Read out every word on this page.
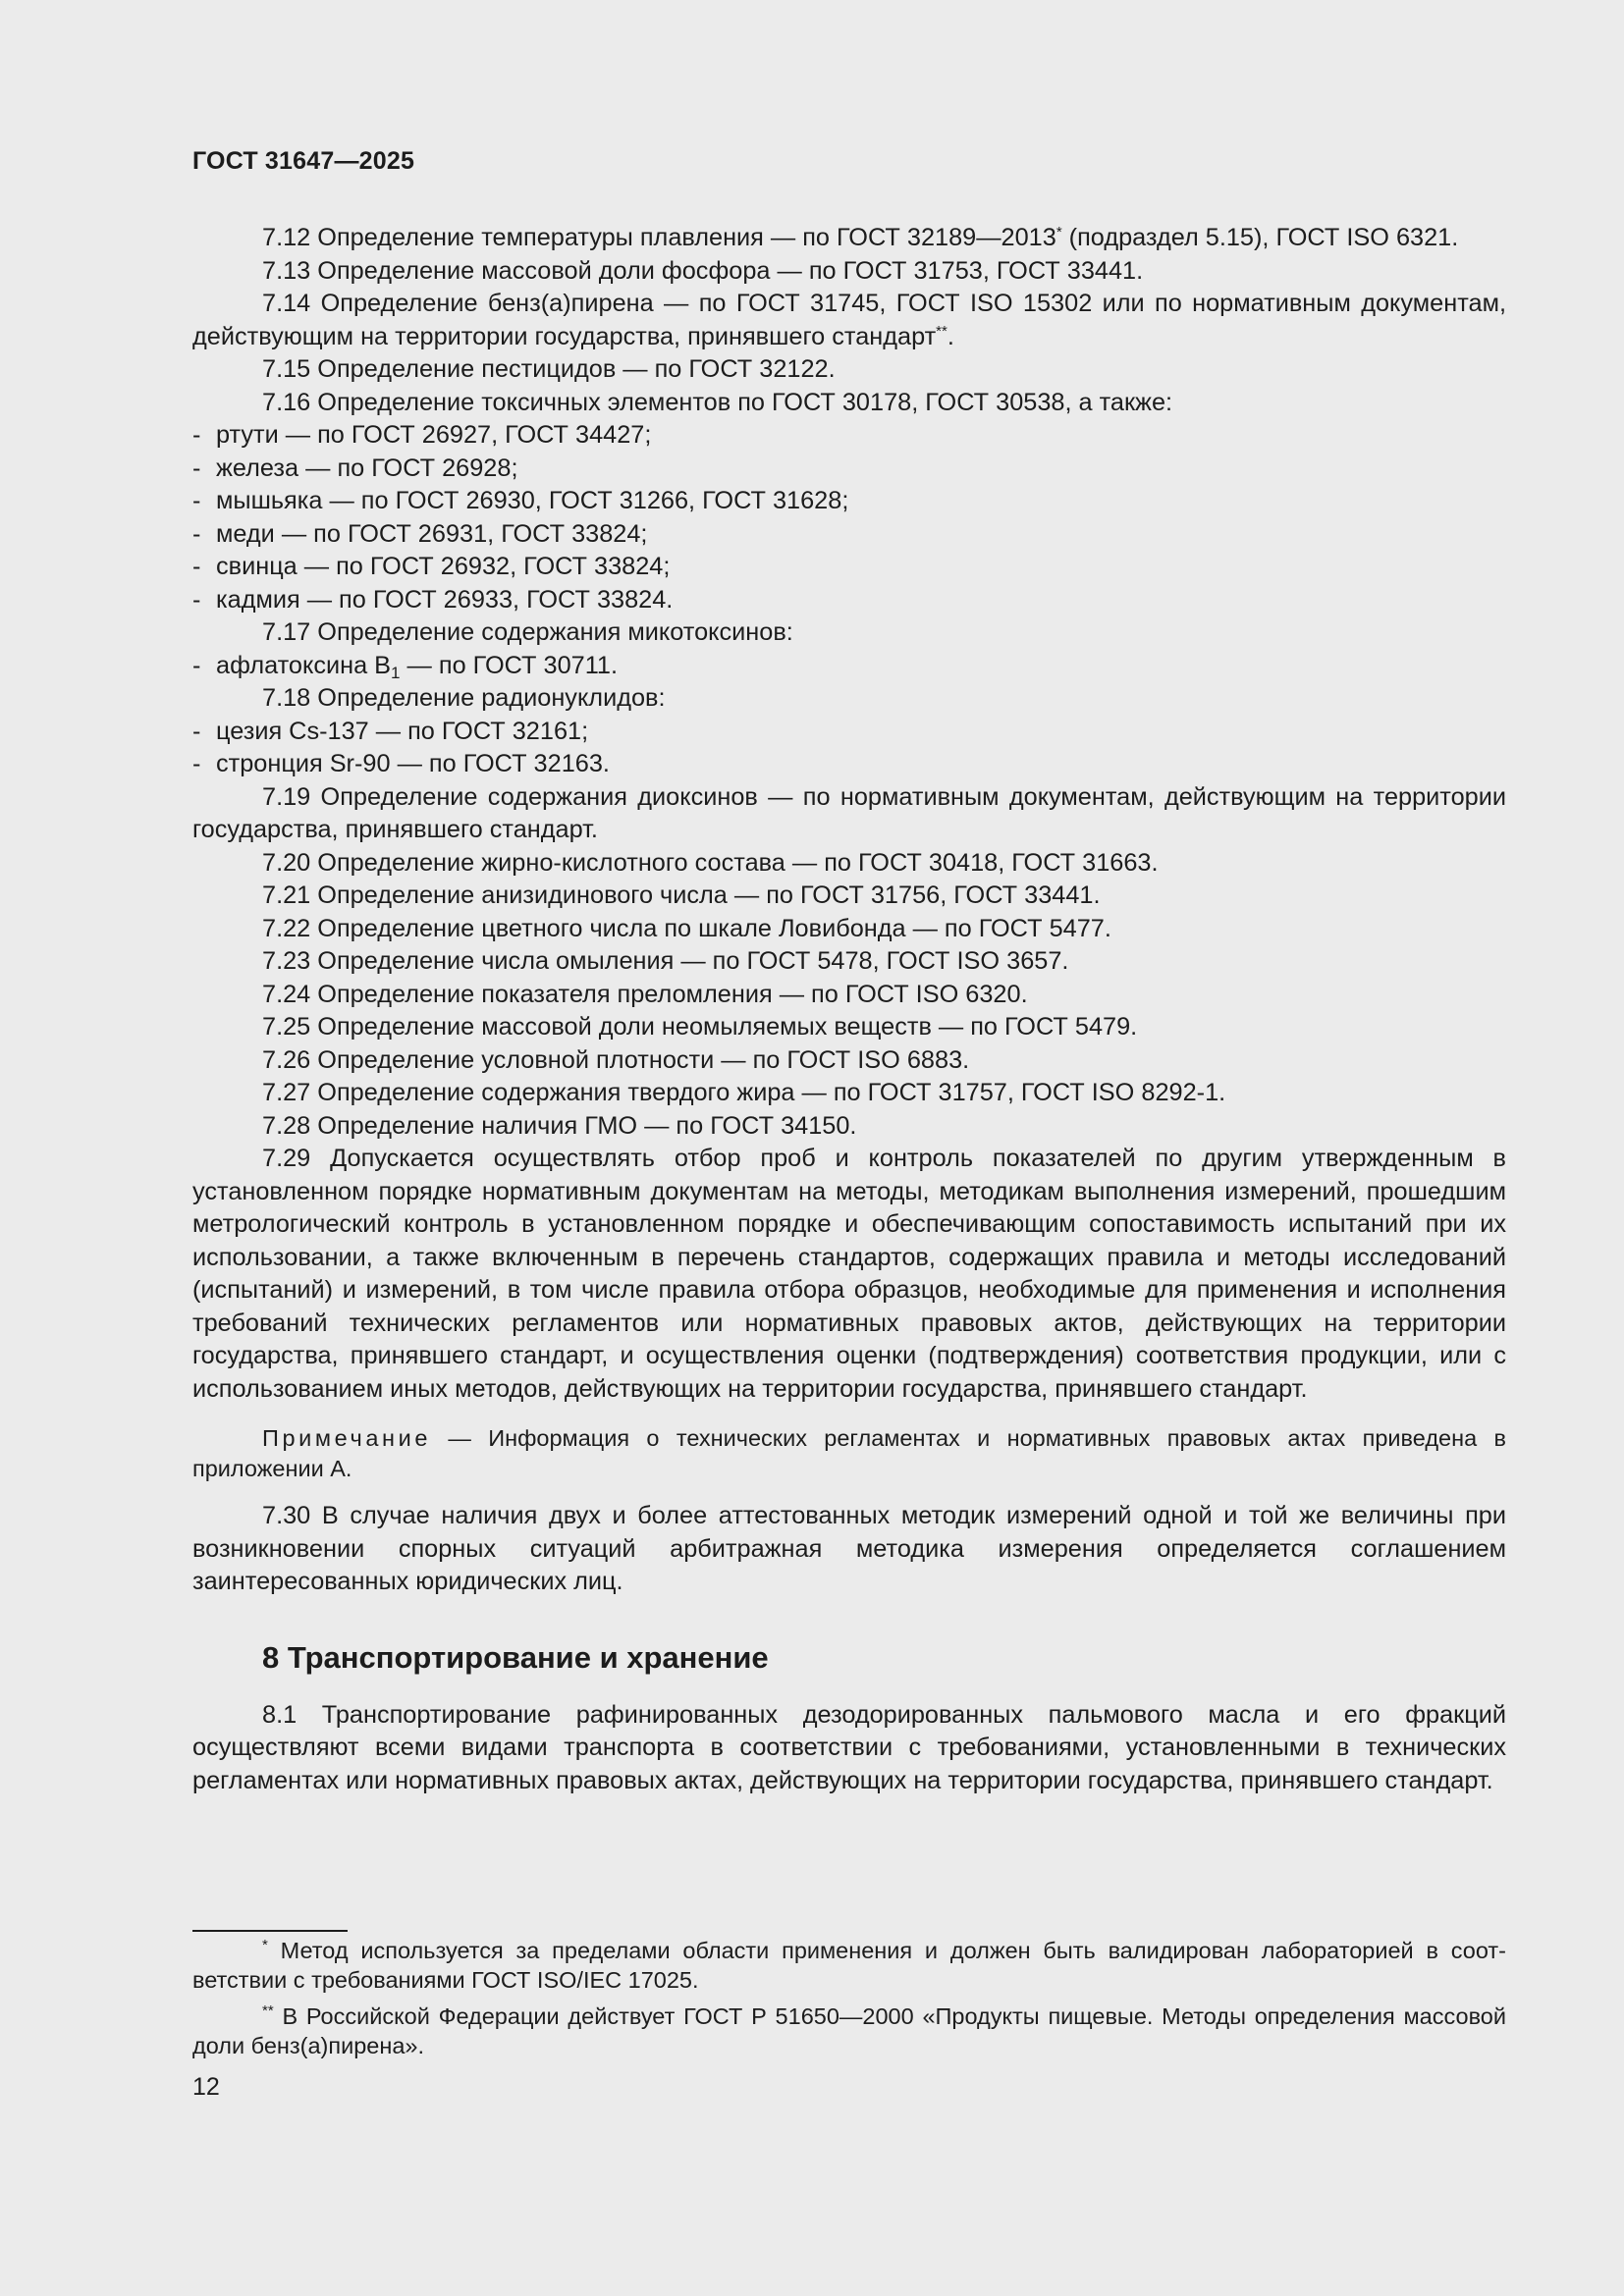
ГОСТ 31647—2025

7.12 Определение температуры плавления — по ГОСТ 32189—2013* (подраздел 5.15), ГОСТ ISO 6321.

7.13 Определение массовой доли фосфора — по ГОСТ 31753, ГОСТ 33441.

7.14 Определение бенз(а)пирена — по ГОСТ 31745, ГОСТ ISO 15302 или по нормативным документам, действующим на территории государства, принявшего стандарт**.

7.15 Определение пестицидов — по ГОСТ 32122.

7.16 Определение токсичных элементов по ГОСТ 30178, ГОСТ 30538, а также:

- ртути — по ГОСТ 26927, ГОСТ 34427;

- железа — по ГОСТ 26928;

- мышьяка — по ГОСТ 26930, ГОСТ 31266, ГОСТ 31628;

- меди — по ГОСТ 26931, ГОСТ 33824;

- свинца — по ГОСТ 26932, ГОСТ 33824;

- кадмия — по ГОСТ 26933, ГОСТ 33824.

7.17 Определение содержания микотоксинов:

- афлатоксина $B_1$ — по ГОСТ 30711.

7.18 Определение радионуклидов:

- цезия Cs-137 — по ГОСТ 32161;

- стронция Sr-90 — по ГОСТ 32163.

7.19 Определение содержания диоксинов — по нормативным документам, действующим на территории государства, принявшего стандарт.

7.20 Определение жирно-кислотного состава — по ГОСТ 30418, ГОСТ 31663.

7.21 Определение анизидинового числа — по ГОСТ 31756, ГОСТ 33441.

7.22 Определение цветного числа по шкале Ловибонда — по ГОСТ 5477.

7.23 Определение числа омыления — по ГОСТ 5478, ГОСТ ISO 3657.

7.24 Определение показателя преломления — по ГОСТ ISO 6320.

7.25 Определение массовой доли неомыляемых веществ — по ГОСТ 5479.

7.26 Определение условной плотности — по ГОСТ ISO 6883.

7.27 Определение содержания твердого жира — по ГОСТ 31757, ГОСТ ISO 8292-1.

7.28 Определение наличия ГМО — по ГОСТ 34150.

7.29 Допускается осуществлять отбор проб и контроль показателей по другим утвержденным в установленном порядке нормативным документам на методы, методикам выполнения измерений, прошедшим метрологический контроль в установленном порядке и обеспечивающим сопоставимость испытаний при их использовании, а также включенным в перечень стандартов, содержащих правила и методы исследований (испытаний) и измерений, в том числе правила отбора образцов, необходимые для применения и исполнения требований технических регламентов или нормативных правовых актов, действующих на территории государства, принявшего стандарт, и осуществления оценки (подтверждения) соответствия продукции, или с использованием иных методов, действующих на территории государства, принявшего стандарт.

Примечание — Информация о технических регламентах и нормативных правовых актах приведена в приложении А.

7.30 В случае наличия двух и более аттестованных методик измерений одной и той же величины при возникновении спорных ситуаций арбитражная методика измерения определяется соглашением заинтересованных юридических лиц.

8 Транспортирование и хранение

8.1 Транспортирование рафинированных дезодорированных пальмового масла и его фракций осуществляют всеми видами транспорта в соответствии с требованиями, установленными в технических регламентах или нормативных правовых актах, действующих на территории государства, принявшего стандарт.

* Метод используется за пределами области применения и должен быть валидирован лабораторией в соответствии с требованиями ГОСТ ISO/IEC 17025.

** В Российской Федерации действует ГОСТ Р 51650—2000 «Продукты пищевые. Методы определения массовой доли бенз(а)пирена».

12
